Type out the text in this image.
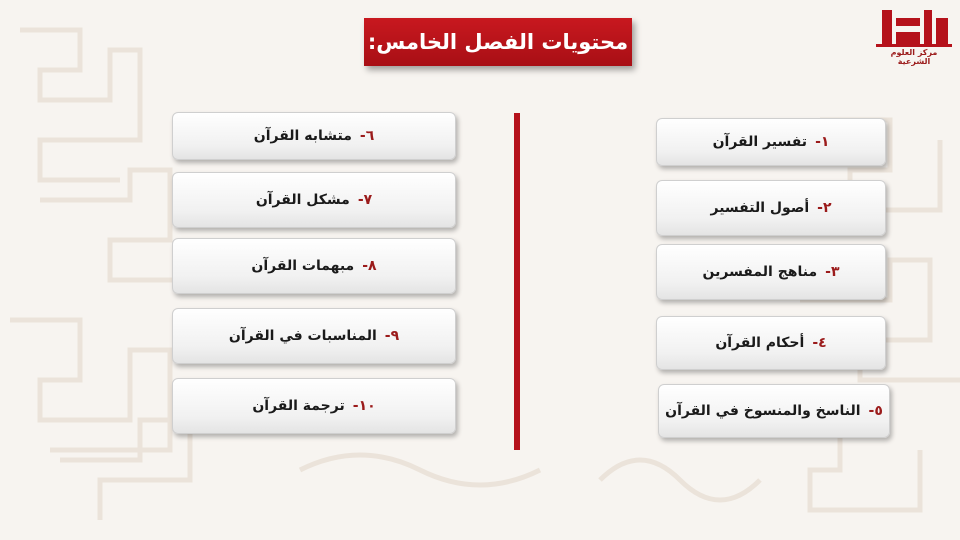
مركز العلوم الشرعية
محتويات الفصل الخامس:
١-
تفسير القرآن
٢-
أصول التفسير
٣-
مناهج المفسرين
٤-
أحكام القرآن
٥-
الناسخ والمنسوخ في القرآن
٦-
متشابه القرآن
٧-
مشكل القرآن
٨-
مبهمات القرآن
٩-
المناسبات في القرآن
١٠-
ترجمة القرآن
